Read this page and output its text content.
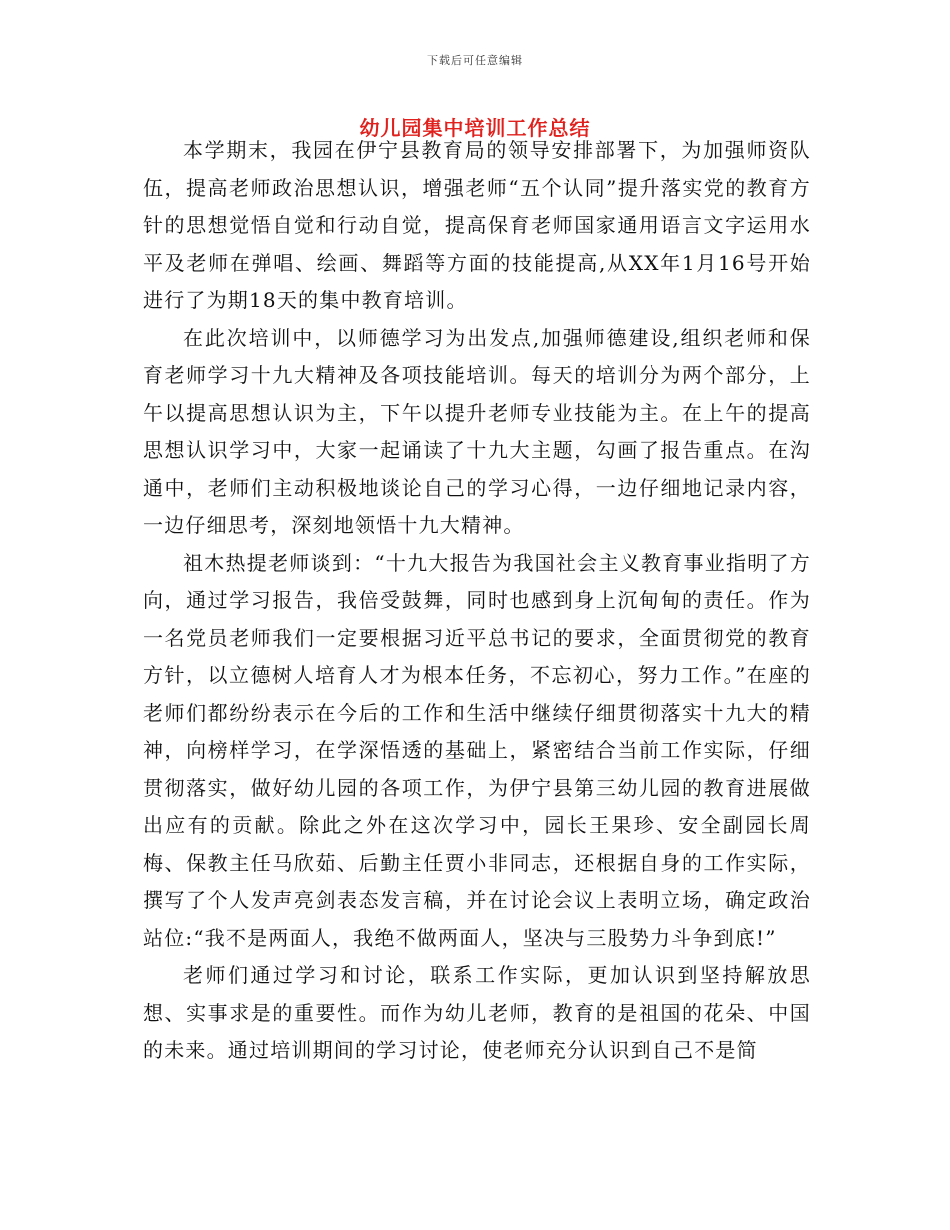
下载后可任意编辑
幼儿园集中培训工作总结

本学期末，我园在伊宁县教育局的领导安排部署下，为加强师资队伍，提高老师政治思想认识，增强老师“五个认同”提升落实党的教育方针的思想觉悟自觉和行动自觉，提高保育老师国家通用语言文字运用水平及老师在弹唱、绘画、舞蹈等方面的技能提高,从XX年1月16号开始进行了为期18天的集中教育培训。

在此次培训中，以师德学习为出发点,加强师德建设,组织老师和保育老师学习十九大精神及各项技能培训。每天的培训分为两个部分，上午以提高思想认识为主，下午以提升老师专业技能为主。在上午的提高思想认识学习中，大家一起诵读了十九大主题，勾画了报告重点。在沟通中，老师们主动积极地谈论自己的学习心得，一边仔细地记录内容，一边仔细思考，深刻地领悟十九大精神。

祖木热提老师谈到：“十九大报告为我国社会主义教育事业指明了方向，通过学习报告，我倍受鼓舞，同时也感到身上沉甸甸的责任。作为一名党员老师我们一定要根据习近平总书记的要求，全面贯彻党的教育方针，以立德树人培育人才为根本任务，不忘初心，努力工作。”在座的老师们都纷纷表示在今后的工作和生活中继续仔细贯彻落实十九大的精神，向榜样学习，在学深悟透的基础上，紧密结合当前工作实际，仔细贯彻落实，做好幼儿园的各项工作，为伊宁县第三幼儿园的教育进展做出应有的贡献。除此之外在这次学习中，园长王果珍、安全副园长周梅、保教主任马欣茹、后勤主任贾小非同志，还根据自身的工作实际，撰写了个人发声亮剑表态发言稿，并在讨论会议上表明立场，确定政治站位:“我不是两面人，我绝不做两面人，坚决与三股势力斗争到底!”

老师们通过学习和讨论，联系工作实际，更加认识到坚持解放思想、实事求是的重要性。而作为幼儿老师，教育的是祖国的花朵、中国的未来。通过培训期间的学习讨论，使老师充分认识到自己不是简
